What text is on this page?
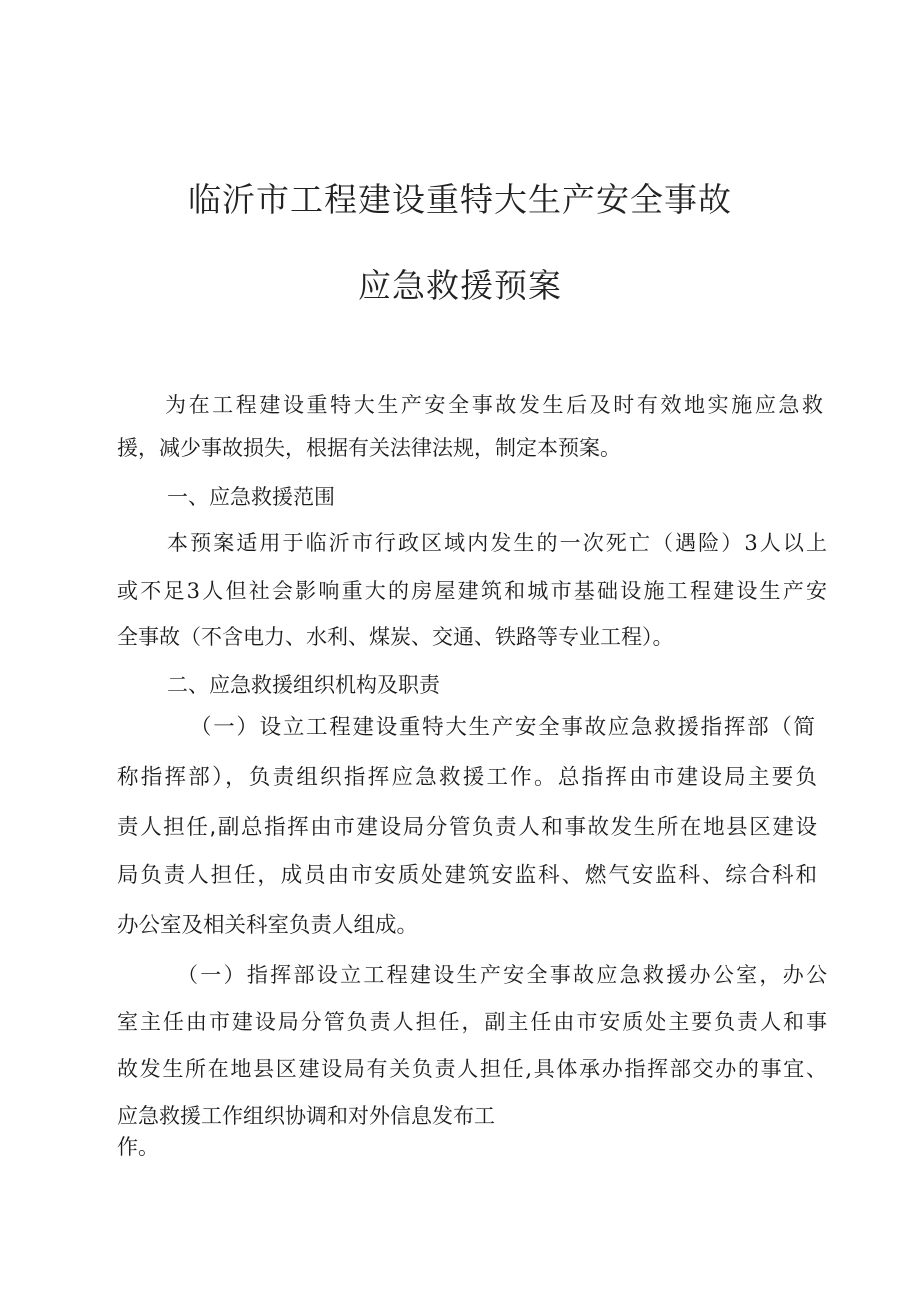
临沂市工程建设重特大生产安全事故
应急救援预案
为在工程建设重特大生产安全事故发生后及时有效地实施应急救
援，减少事故损失，根据有关法律法规，制定本预案。
一、应急救援范围
本预案适用于临沂市行政区域内发生的一次死亡（遇险）3人以上
或不足3人但社会影响重大的房屋建筑和城市基础设施工程建设生产安
全事故（不含电力、水利、煤炭、交通、铁路等专业工程）。
二、应急救援组织机构及职责
（一）设立工程建设重特大生产安全事故应急救援指挥部（简
称指挥部），负责组织指挥应急救援工作。总指挥由市建设局主要负
责人担任,副总指挥由市建设局分管负责人和事故发生所在地县区建设
局负责人担任，成员由市安质处建筑安监科、燃气安监科、综合科和
办公室及相关科室负责人组成。
（一）指挥部设立工程建设生产安全事故应急救援办公室，办公
室主任由市建设局分管负责人担任，副主任由市安质处主要负责人和事
故发生所在地县区建设局有关负责人担任,具体承办指挥部交办的事宜、
应急救援工作组织协调和对外信息发布工
作。
